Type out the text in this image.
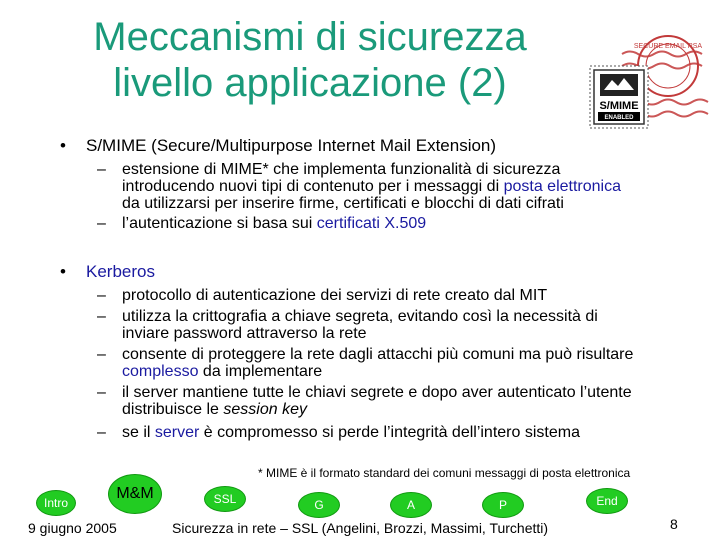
Meccanismi di sicurezza
livello applicazione (2)
SECURE EMAIL RSA
S/MIME
ENABLED
• S/MIME (Secure/Multipurpose Internet Mail Extension)
– estensione di MIME* che implementa funzionalità di sicurezza
introducendo nuovi tipi di contenuto per i messaggi di posta elettronica
da utilizzarsi per inserire firme, certificati e blocchi di dati cifrati
– l’autenticazione si basa sui certificati X.509
• Kerberos
– protocollo di autenticazione dei servizi di rete creato dal MIT
– utilizza la crittografia a chiave segreta, evitando così la necessità di
inviare password attraverso la rete
– consente di proteggere la rete dagli attacchi più comuni ma può risultare
complesso da implementare
– il server mantiene tutte le chiavi segrete e dopo aver autenticato l’utente
distribuisce le session key
– se il server è compromesso si perde l’integrità dell’intero sistema
* MIME è il formato standard dei comuni messaggi di posta elettronica
Intro
M&M	SSL	G	A	P	End
9 giugno 2005	Sicurezza in rete – SSL (Angelini, Brozzi, Massimi, Turchetti)	8
